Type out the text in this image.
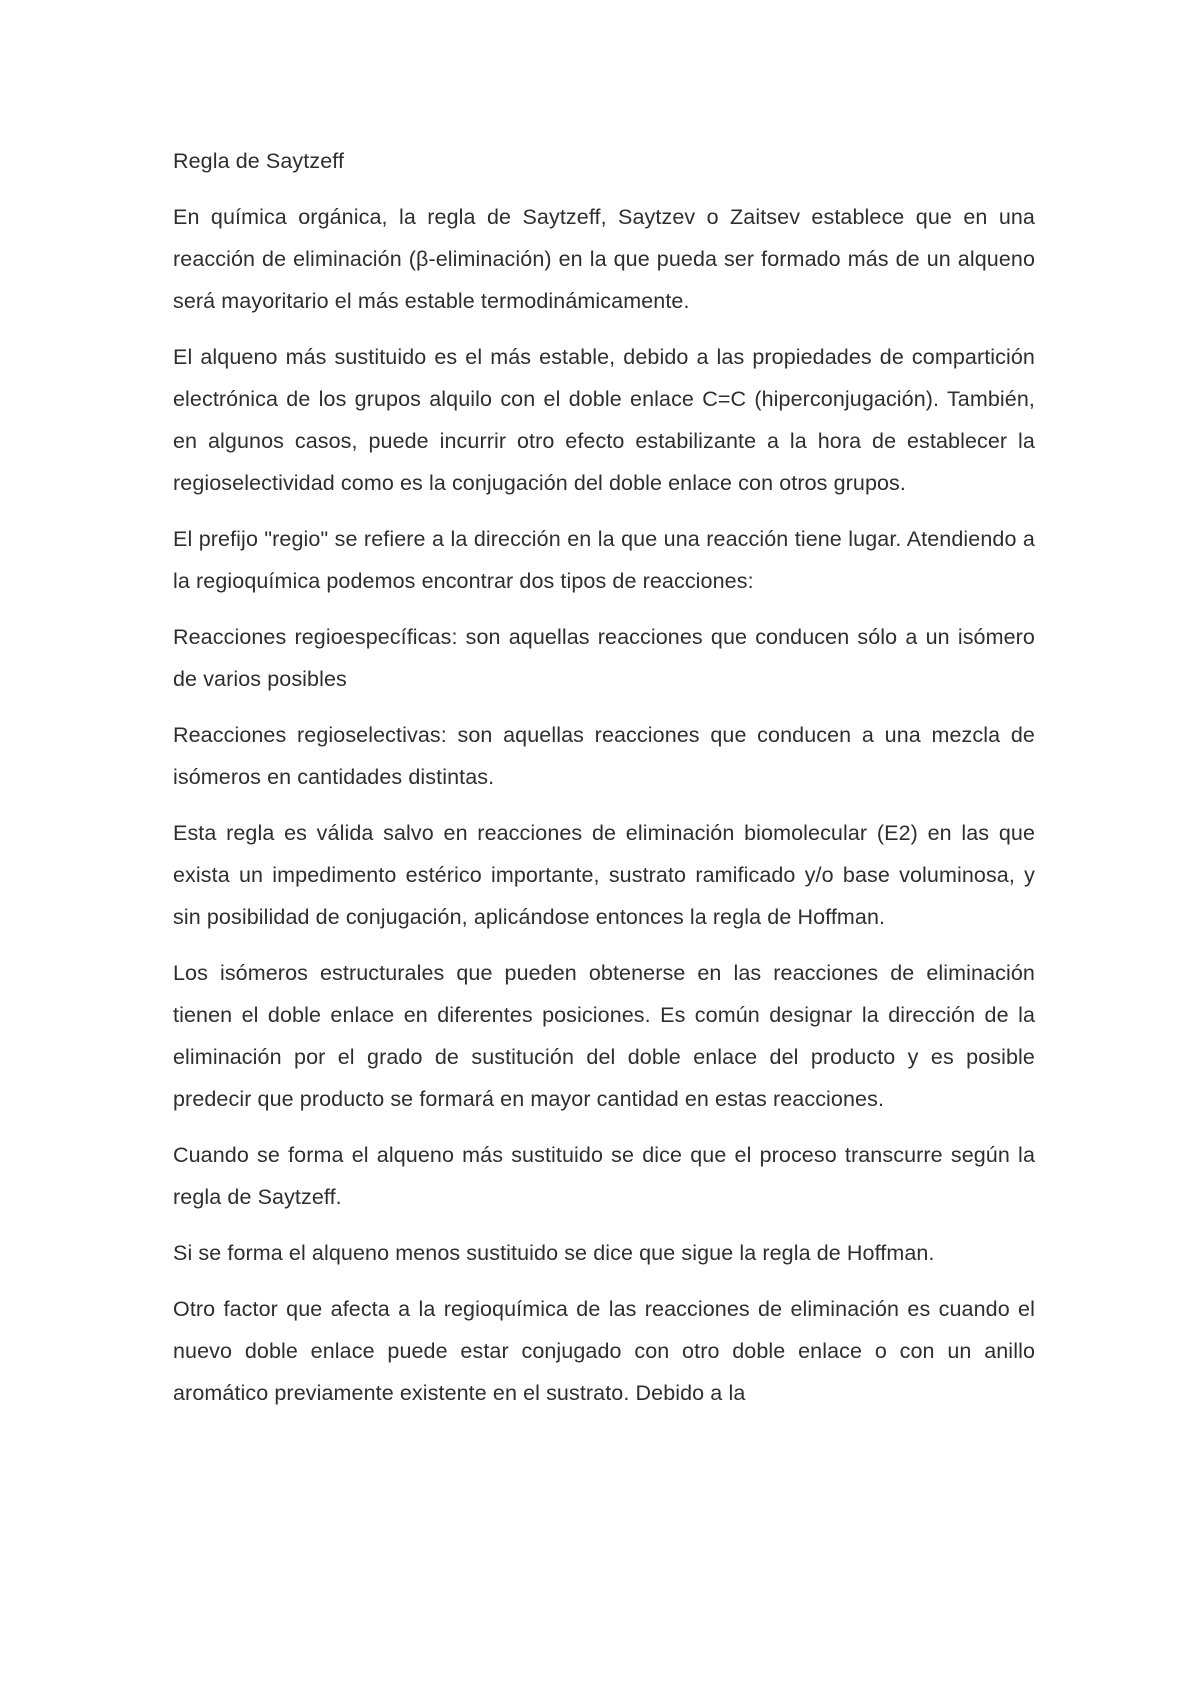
Regla de Saytzeff

En química orgánica, la regla de Saytzeff, Saytzev o Zaitsev establece que en una reacción de eliminación (β-eliminación) en la que pueda ser formado más de un alqueno será mayoritario el más estable termodinámicamente.

El alqueno más sustituido es el más estable, debido a las propiedades de compartición electrónica de los grupos alquilo con el doble enlace C=C (hiperconjugación). También, en algunos casos, puede incurrir otro efecto estabilizante a la hora de establecer la regioselectividad como es la conjugación del doble enlace con otros grupos.

El prefijo "regio" se refiere a la dirección en la que una reacción tiene lugar. Atendiendo a la regioquímica podemos encontrar dos tipos de reacciones:

Reacciones regioespecíficas: son aquellas reacciones que conducen sólo a un isómero de varios posibles

Reacciones regioselectivas: son aquellas reacciones que conducen a una mezcla de isómeros en cantidades distintas.

Esta regla es válida salvo en reacciones de eliminación biomolecular (E2) en las que exista un impedimento estérico importante, sustrato ramificado y/o base voluminosa, y sin posibilidad de conjugación, aplicándose entonces la regla de Hoffman.

Los isómeros estructurales que pueden obtenerse en las reacciones de eliminación tienen el doble enlace en diferentes posiciones. Es común designar la dirección de la eliminación por el grado de sustitución del doble enlace del producto y es posible predecir que producto se formará en mayor cantidad en estas reacciones.

Cuando se forma el alqueno más sustituido se dice que el proceso transcurre según la regla de Saytzeff.

Si se forma el alqueno menos sustituido se dice que sigue la regla de Hoffman.

Otro factor que afecta a la regioquímica de las reacciones de eliminación es cuando el nuevo doble enlace puede estar conjugado con otro doble enlace o con un anillo aromático previamente existente en el sustrato. Debido a la
